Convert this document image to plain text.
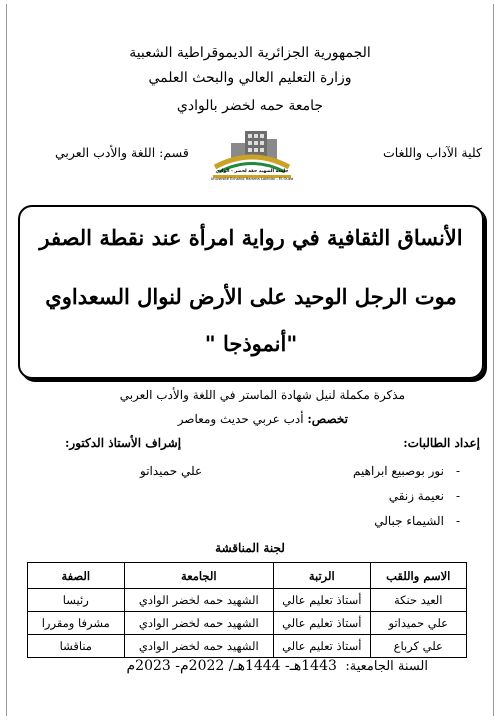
الجمهورية الجزائرية الديموقراطية الشعبية
وزارة التعليم العالي والبحث العلمي
جامعة حمه لخضر بالوادي
كلية الآداب واللغات
قسم: اللغة والأدب العربي
جامعة الشهيد حمّه لخضر - الوادي
Université Echahid Hamma Lakhdar - El-Oued
الأنساق الثقافية في رواية امرأة عند نقطة الصفر
موت الرجل الوحيد على الأرض لنوال السعداوي
"أنموذجا "
مذكرة مكملة لنيل شهادة الماستر في اللغة والأدب العربي
تخصص: أدب عربي حديث ومعاصر
إعداد الطالبات:
إشراف الأستاذ الدكتور:
-نور بوصبيع ابراهيم
-نعيمة زنقي
-الشيماء جبالي
علي حميداتو
لجنة المناقشة
الاسم واللقب	الرتبة	الجامعة	الصفة
العيد حنكة	أستاذ تعليم عالي	الشهيد حمه لخضر الوادي	رئيسا
علي حميداتو	أستاذ تعليم عالي	الشهيد حمه لخضر الوادي	مشرفا ومقررا
علي كرباع	أستاذ تعليم عالي	الشهيد حمه لخضر الوادي	مناقشا
السنة الجامعية: 1443هـ- 1444هـ/ 2022م- 2023م
